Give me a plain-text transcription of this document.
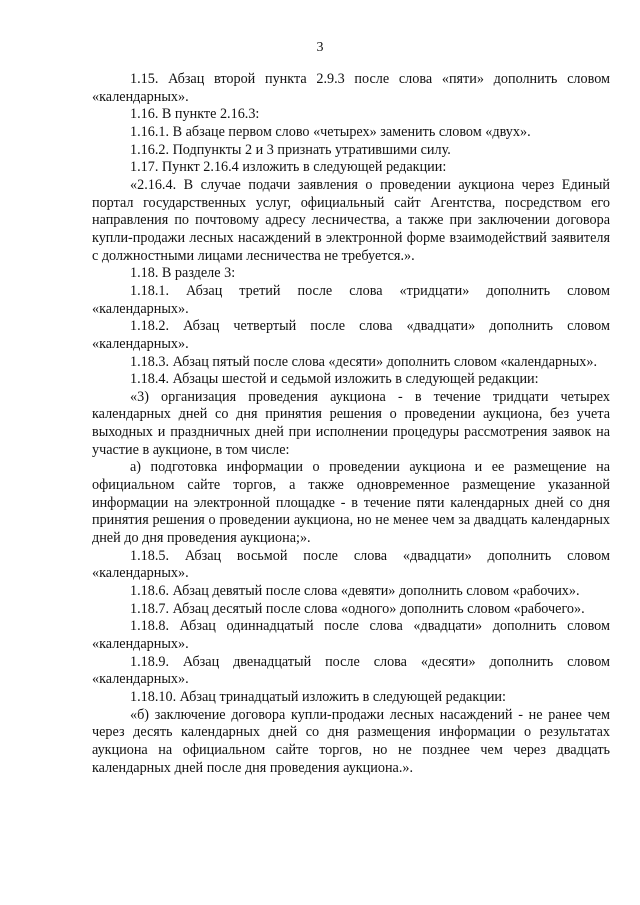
3

1.15. Абзац второй пункта 2.9.3 после слова «пяти» дополнить словом «календарных».

1.16. В пункте 2.16.3:

1.16.1. В абзаце первом слово «четырех» заменить словом «двух».

1.16.2. Подпункты 2 и 3 признать утратившими силу.

1.17. Пункт 2.16.4 изложить в следующей редакции:

«2.16.4. В случае подачи заявления о проведении аукциона через Единый портал государственных услуг, официальный сайт Агентства, посредством его направления по почтовому адресу лесничества, а также при заключении договора купли-продажи лесных насаждений в электронной форме взаимодействий заявителя с должностными лицами лесничества не требуется.».

1.18. В разделе 3:

1.18.1. Абзац третий после слова «тридцати» дополнить словом «календарных».

1.18.2. Абзац четвертый после слова «двадцати» дополнить словом «календарных».

1.18.3. Абзац пятый после слова «десяти» дополнить словом «календарных».

1.18.4. Абзацы шестой и седьмой изложить в следующей редакции:

«3) организация проведения аукциона - в течение тридцати четырех календарных дней со дня принятия решения о проведении аукциона, без учета выходных и праздничных дней при исполнении процедуры рассмотрения заявок на участие в аукционе, в том числе:

а) подготовка информации о проведении аукциона и ее размещение на официальном сайте торгов, а также одновременное размещение указанной информации на электронной площадке - в течение пяти календарных дней со дня принятия решения о проведении аукциона, но не менее чем за двадцать календарных дней до дня проведения аукциона;».

1.18.5. Абзац восьмой после слова «двадцати» дополнить словом «календарных».

1.18.6. Абзац девятый после слова «девяти» дополнить словом «рабочих».

1.18.7. Абзац десятый после слова «одного» дополнить словом «рабочего».

1.18.8. Абзац одиннадцатый после слова «двадцати» дополнить словом «календарных».

1.18.9. Абзац двенадцатый после слова «десяти» дополнить словом «календарных».

1.18.10. Абзац тринадцатый изложить в следующей редакции:

«б) заключение договора купли-продажи лесных насаждений - не ранее чем через десять календарных дней со дня размещения информации о результатах аукциона на официальном сайте торгов, но не позднее чем через двадцать календарных дней после дня проведения аукциона.».
